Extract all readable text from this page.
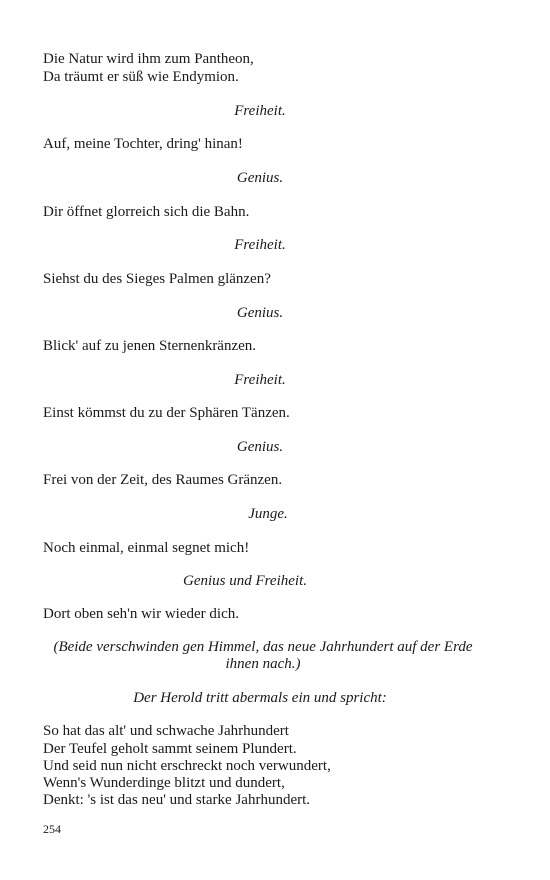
Die Natur wird ihm zum Pantheon,
Da träumt er süß wie Endymion.
Freiheit.
Auf, meine Tochter, dring' hinan!
Genius.
Dir öffnet glorreich sich die Bahn.
Freiheit.
Siehst du des Sieges Palmen glänzen?
Genius.
Blick' auf zu jenen Sternenkränzen.
Freiheit.
Einst kömmst du zu der Sphären Tänzen.
Genius.
Frei von der Zeit, des Raumes Gränzen.
Junge.
Noch einmal, einmal segnet mich!
Genius und Freiheit.
Dort oben seh'n wir wieder dich.
(Beide verschwinden gen Himmel, das neue Jahrhundert auf der Erde ihnen nach.)
Der Herold tritt abermals ein und spricht:
So hat das alt' und schwache Jahrhundert
Der Teufel geholt sammt seinem Plundert.
Und seid nun nicht erschreckt noch verwundert,
Wenn's Wunderdinge blitzt und dundert,
Denkt: 's ist das neu' und starke Jahrhundert.
254
